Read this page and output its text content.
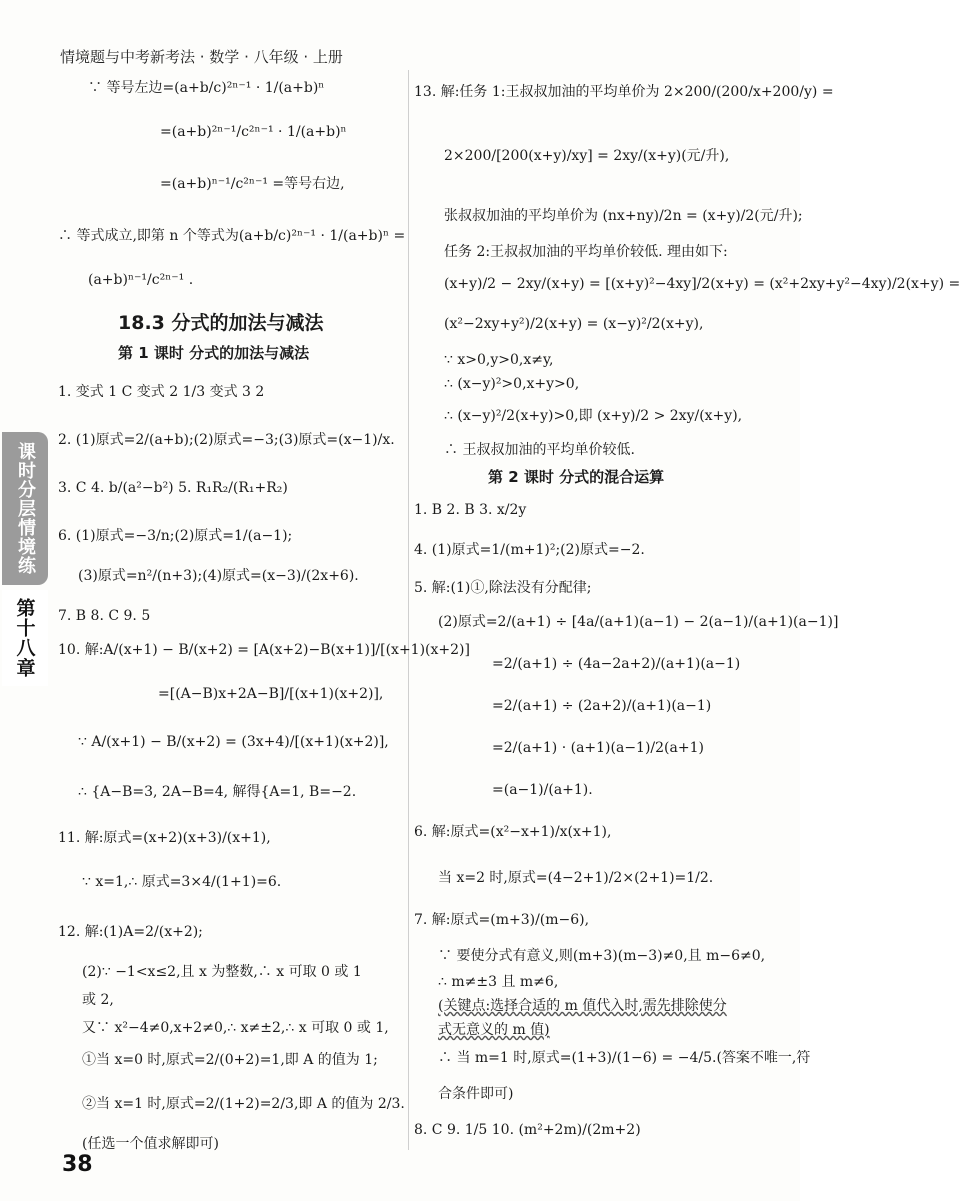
情境题与中考新考法 · 数学 · 八年级 · 上册
课时分层情境练
第十八章
∵ 等号左边=(a+b/c)²ⁿ⁻¹ · 1/(a+b)ⁿ
=(a+b)²ⁿ⁻¹/c²ⁿ⁻¹ · 1/(a+b)ⁿ
=(a+b)ⁿ⁻¹/c²ⁿ⁻¹ =等号右边,
∴ 等式成立,即第 n 个等式为(a+b/c)²ⁿ⁻¹ · 1/(a+b)ⁿ =
(a+b)ⁿ⁻¹/c²ⁿ⁻¹ .
18.3 分式的加法与减法
第 1 课时 分式的加法与减法
1. 变式 1 C 变式 2 1/3 变式 3 2
2. (1)原式=2/(a+b);(2)原式=−3;(3)原式=(x−1)/x.
3. C 4. b/(a²−b²) 5. R₁R₂/(R₁+R₂)
6. (1)原式=−3/n;(2)原式=1/(a−1);
(3)原式=n²/(n+3);(4)原式=(x−3)/(2x+6).
7. B 8. C 9. 5
10. 解:A/(x+1) − B/(x+2) = [A(x+2)−B(x+1)]/[(x+1)(x+2)]
=[(A−B)x+2A−B]/[(x+1)(x+2)],
∵ A/(x+1) − B/(x+2) = (3x+4)/[(x+1)(x+2)],
∴ {A−B=3, 2A−B=4, 解得{A=1, B=−2.
11. 解:原式=(x+2)(x+3)/(x+1),
∵ x=1,∴ 原式=3×4/(1+1)=6.
12. 解:(1)A=2/(x+2);
(2)∵ −1<x≤2,且 x 为整数,∴ x 可取 0 或 1
或 2,
又∵ x²−4≠0,x+2≠0,∴ x≠±2,∴ x 可取 0 或 1,
①当 x=0 时,原式=2/(0+2)=1,即 A 的值为 1;
②当 x=1 时,原式=2/(1+2)=2/3,即 A 的值为 2/3.
(任选一个值求解即可)
13. 解:任务 1:王叔叔加油的平均单价为 2×200/(200/x+200/y) =
2×200/[200(x+y)/xy] = 2xy/(x+y)(元/升),
张叔叔加油的平均单价为 (nx+ny)/2n = (x+y)/2(元/升);
任务 2:王叔叔加油的平均单价较低. 理由如下:
(x+y)/2 − 2xy/(x+y) = [(x+y)²−4xy]/2(x+y) = (x²+2xy+y²−4xy)/2(x+y) =
(x²−2xy+y²)/2(x+y) = (x−y)²/2(x+y),
∵ x>0,y>0,x≠y,
∴ (x−y)²>0,x+y>0,
∴ (x−y)²/2(x+y)>0,即 (x+y)/2 > 2xy/(x+y),
∴ 王叔叔加油的平均单价较低.
第 2 课时 分式的混合运算
1. B 2. B 3. x/2y
4. (1)原式=1/(m+1)²;(2)原式=−2.
5. 解:(1)①,除法没有分配律;
(2)原式=2/(a+1) ÷ [4a/(a+1)(a−1) − 2(a−1)/(a+1)(a−1)]
=2/(a+1) ÷ (4a−2a+2)/(a+1)(a−1)
=2/(a+1) ÷ (2a+2)/(a+1)(a−1)
=2/(a+1) · (a+1)(a−1)/2(a+1)
=(a−1)/(a+1).
6. 解:原式=(x²−x+1)/x(x+1),
当 x=2 时,原式=(4−2+1)/2×(2+1)=1/2.
7. 解:原式=(m+3)/(m−6),
∵ 要使分式有意义,则(m+3)(m−3)≠0,且 m−6≠0,
∴ m≠±3 且 m≠6,
(关键点:选择合适的 m 值代入时,需先排除使分
式无意义的 m 值)
∴ 当 m=1 时,原式=(1+3)/(1−6) = −4/5.(答案不唯一,符
合条件即可)
8. C 9. 1/5 10. (m²+2m)/(2m+2)
38
